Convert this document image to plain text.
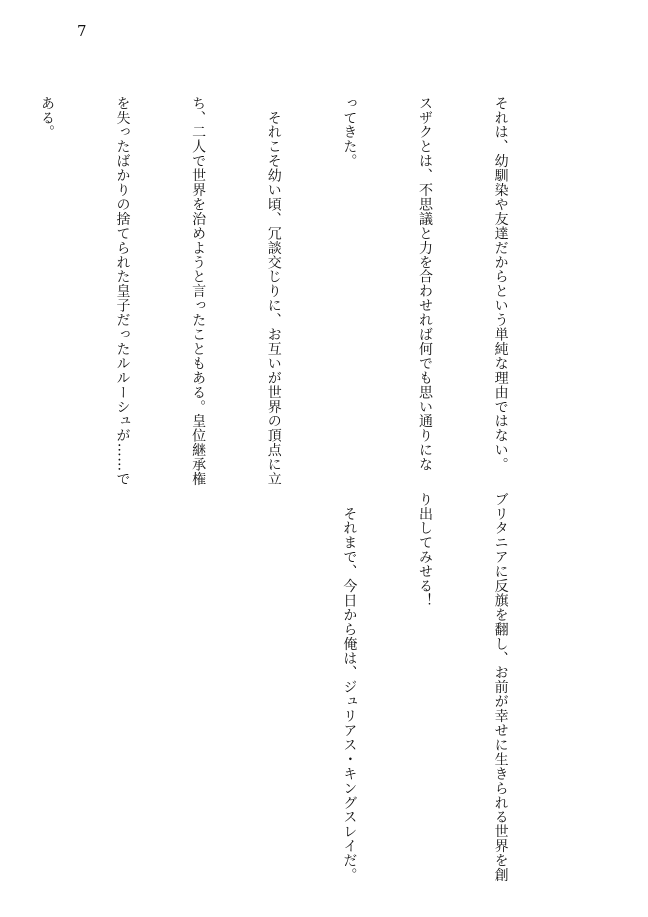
7

それは、幼馴染や友達だからという単純な理由ではない。

スザクとは、不思議と力を合わせれば何でも思い通りにな

ってきた。

　それこそ幼い頃、冗談交じりに、お互いが世界の頂点に立

ち、二人で世界を治めようと言ったこともある。皇位継承権

を失ったばかりの捨てられた皇子だったルルーシュが……で

ある。

ブリタニアに反旗を翻し、お前が幸せに生きられる世界を創

り出してみせる！

　それまで、今日から俺は、ジュリアス・キングスレイだ。
